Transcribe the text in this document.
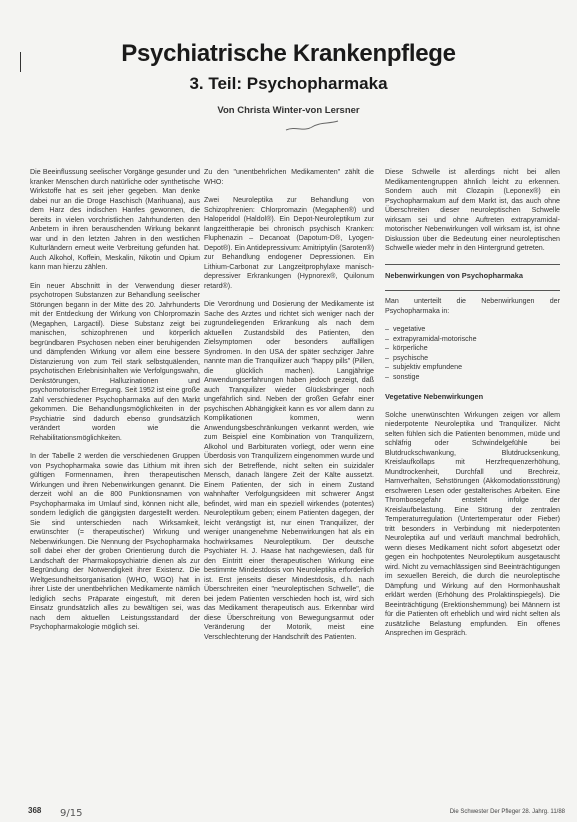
Psychiatrische Krankenpflege
3. Teil: Psychopharmaka
Von Christa Winter-von Lersner

Die Beeinflussung seelischer Vorgänge gesunder und kranker Menschen durch natürliche oder synthetische Wirkstoffe hat es seit jeher gegeben. Man denke dabei nur an die Droge Haschisch (Marihuana), aus dem Harz des indischen Hanfes gewonnen, die bereits in vielen vorchristlichen Jahrhunderten den Anbetern in ihren berauschenden Wirkung bekannt war und in den letzten Jahren in den westlichen Kulturländern erneut weite Verbreitung gefunden hat. Auch Alkohol, Koffein, Meskalin, Nikotin und Opium kann man hierzu zählen.

Ein neuer Abschnitt in der Verwendung dieser psychotropen Substanzen zur Behandlung seelischer Störungen begann in der Mitte des 20. Jahrhunderts mit der Entdeckung der Wirkung von Chlorpromazin (Megaphen, Largactil). Diese Substanz zeigt bei manischen, schizophrenen und körperlich begründbaren Psychosen neben einer beruhigenden und dämpfenden Wirkung vor allem eine bessere Distanzierung von zum Teil stark selbstquälenden, psychotischen Erlebnisinhalten wie Verfolgungswahn, Denkstörungen, Halluzinationen und psychomotorischer Erregung. Seit 1952 ist eine große Zahl verschiedener Psychopharmaka auf den Markt gekommen. Die Behandlungsmöglichkeiten in der Psychiatrie sind dadurch ebenso grundsätzlich verändert worden wie die Rehabilitationsmöglichkeiten.

In der Tabelle 2 werden die verschiedenen Gruppen von Psychopharmaka sowie das Lithium mit ihren gültigen Formennamen, ihren therapeutischen Wirkungen und ihren Nebenwirkungen genannt. Die derzeit wohl an die 800 Punktionsnamen von Psychopharmaka im Umlauf sind, können nicht alle, sondern lediglich die gängigsten dargestellt werden. Sie sind unterschieden nach Wirksamkeit, erwünschter (= therapeutischer) Wirkung und Nebenwirkungen. Die Nennung der Psychopharmaka soll dabei eher der groben Orientierung durch die Landschaft der Pharmakopsychiatrie dienen als zur Begründung der Notwendigkeit ihrer Existenz. Die Weltgesundheitsorganisation (WHO, WGO) hat in ihrer Liste der unentbehrlichen Medikamente nämlich lediglich sechs Präparate eingestuft, mit deren Einsatz grundsätzlich alles zu bewältigen sei, was nach dem aktuellen Leistungsstandard der Psychopharmakologie möglich sei.

Zu den "unentbehrlichen Medikamenten" zählt die WHO:

Zwei Neuroleptika zur Behandlung von Schizophrenien: Chlorpromazin (Megaphen®) und Haloperidol (Haldol®). Ein Depot-Neuroleptikum zur langzeittherapie bei chronisch psychisch Kranken: Fluphenazin – Decanoat (Dapotum-D®, Lyogen-Depot®). Ein Antidepressivum: Amitriptylin (Saroten®) zur Behandlung endogener Depressionen. Ein Lithium-Carbonat zur Langzeitprophylaxe manisch-depressiver Erkrankungen (Hypnorex®, Quilonum retard®).

Die Verordnung und Dosierung der Medikamente ist Sache des Arztes und richtet sich weniger nach der zugrundeliegenden Erkrankung als nach dem aktuellen Zustandsbild des Patienten, den Zielsymptomen oder besonders auffälligen Syndromen. In den USA der später sechziger Jahre nannte man die Tranquilizer auch "happy pills" (Pillen, die glücklich machen). Langjährige Anwendungserfahrungen haben jedoch gezeigt, daß auch Tranquilizer wieder Glücksbringer noch ungefährlich sind. Neben der großen Gefahr einer psychischen Abhängigkeit kann es vor allem dann zu Komplikationen kommen, wenn Anwendungsbeschränkungen verkannt werden, wie zum Beispiel eine Kombination von Tranquilizern, Alkohol und Barbituraten vorliegt, oder wenn eine Überdosis von Tranquilizern eingenommen wurde und sich der Betreffende, nicht selten ein suizidaler Mensch, danach längere Zeit der Kälte aussetzt. Einem Patienten, der sich in einem Zustand wahnhafter Verfolgungsideen mit schwerer Angst befindet, wird man ein speziell wirkendes (potentes) Neuroleptikum geben; einem Patienten dagegen, der leicht verängstigt ist, nur einen Tranquilizer, der weniger unangenehme Nebenwirkungen hat als ein hochwirksames Neuroleptikum. Der deutsche Psychiater H. J. Haase hat nachgewiesen, daß für den Eintritt einer therapeutischen Wirkung eine bestimmte Mindestdosis von Neuroleptika erforderlich ist. Erst jenseits dieser Mindestdosis, d.h. nach Überschreiten einer "neuroleptischen Schwelle", die bei jedem Patienten verschieden hoch ist, wird sich das Medikament therapeutisch aus. Erkennbar wird diese Überschreitung von Bewegungsarmut oder Veränderung der Motorik, meist eine Verschlechterung der Handschrift des Patienten.

Diese Schwelle ist allerdings nicht bei allen Medikamentengruppen ähnlich leicht zu erkennen. Sondern auch mit Clozapin (Leponex®) ein Psychopharmakum auf dem Markt ist, das auch ohne Überschreiten dieser neuroleptischen Schwelle wirksam sei und ohne Auftreten extrapyramidal-motorischer Nebenwirkungen voll wirksam ist, ist ohne Diskussion über die Bedeutung einer neuroleptischen Schwelle wieder mehr in den Hintergrund getreten.

Nebenwirkungen von Psychopharmaka

Man unterteilt die Nebenwirkungen der Psychopharmaka in:

– vegetative
– extrapyramidal-motorische
– körperliche
– psychische
– subjektiv empfundene
– sonstige
Vegetative Nebenwirkungen

Solche unerwünschten Wirkungen zeigen vor allem niederpotente Neuroleptika und Tranquilizer. Nicht selten fühlen sich die Patienten benommen, müde und schläfrig oder Schwindelgefühle bei Blutdruckschwankung, Blutdrucksenkung, Kreislaufkollaps mit Herzfrequenzerhöhung, Mundtrockenheit, Durchfall und Brechreiz, Harnverhalten, Sehstörungen (Akkomodationsstörung) erschweren Lesen oder gestalterisches Arbeiten. Eine Thrombosegefahr entsteht infolge der Kreislaufbelastung. Eine Störung der zentralen Temperaturregulation (Untertemperatur oder Fieber) tritt besonders in Verbindung mit niederpotenten Neuroleptika auf und verläuft manchmal bedrohlich, wenn dieses Medikament nicht sofort abgesetzt oder gegen ein hochpotentes Neuroleptikum ausgetauscht wird. Nicht zu vernachlässigen sind Beeinträchtigungen im sexuellen Bereich, die durch die neuroleptische Dämpfung und Wirkung auf den Hormonhaushalt erklärt werden (Erhöhung des Prolaktinspiegels). Die Beeinträchtigung (Erektionshemmung) bei Männern ist für die Patienten oft erheblich und wird nicht selten als zusätzliche Belastung empfunden. Ein offenes Ansprechen im Gespräch.

368 9/15	Die Schwester Der Pfleger 28. Jahrg. 11/88
